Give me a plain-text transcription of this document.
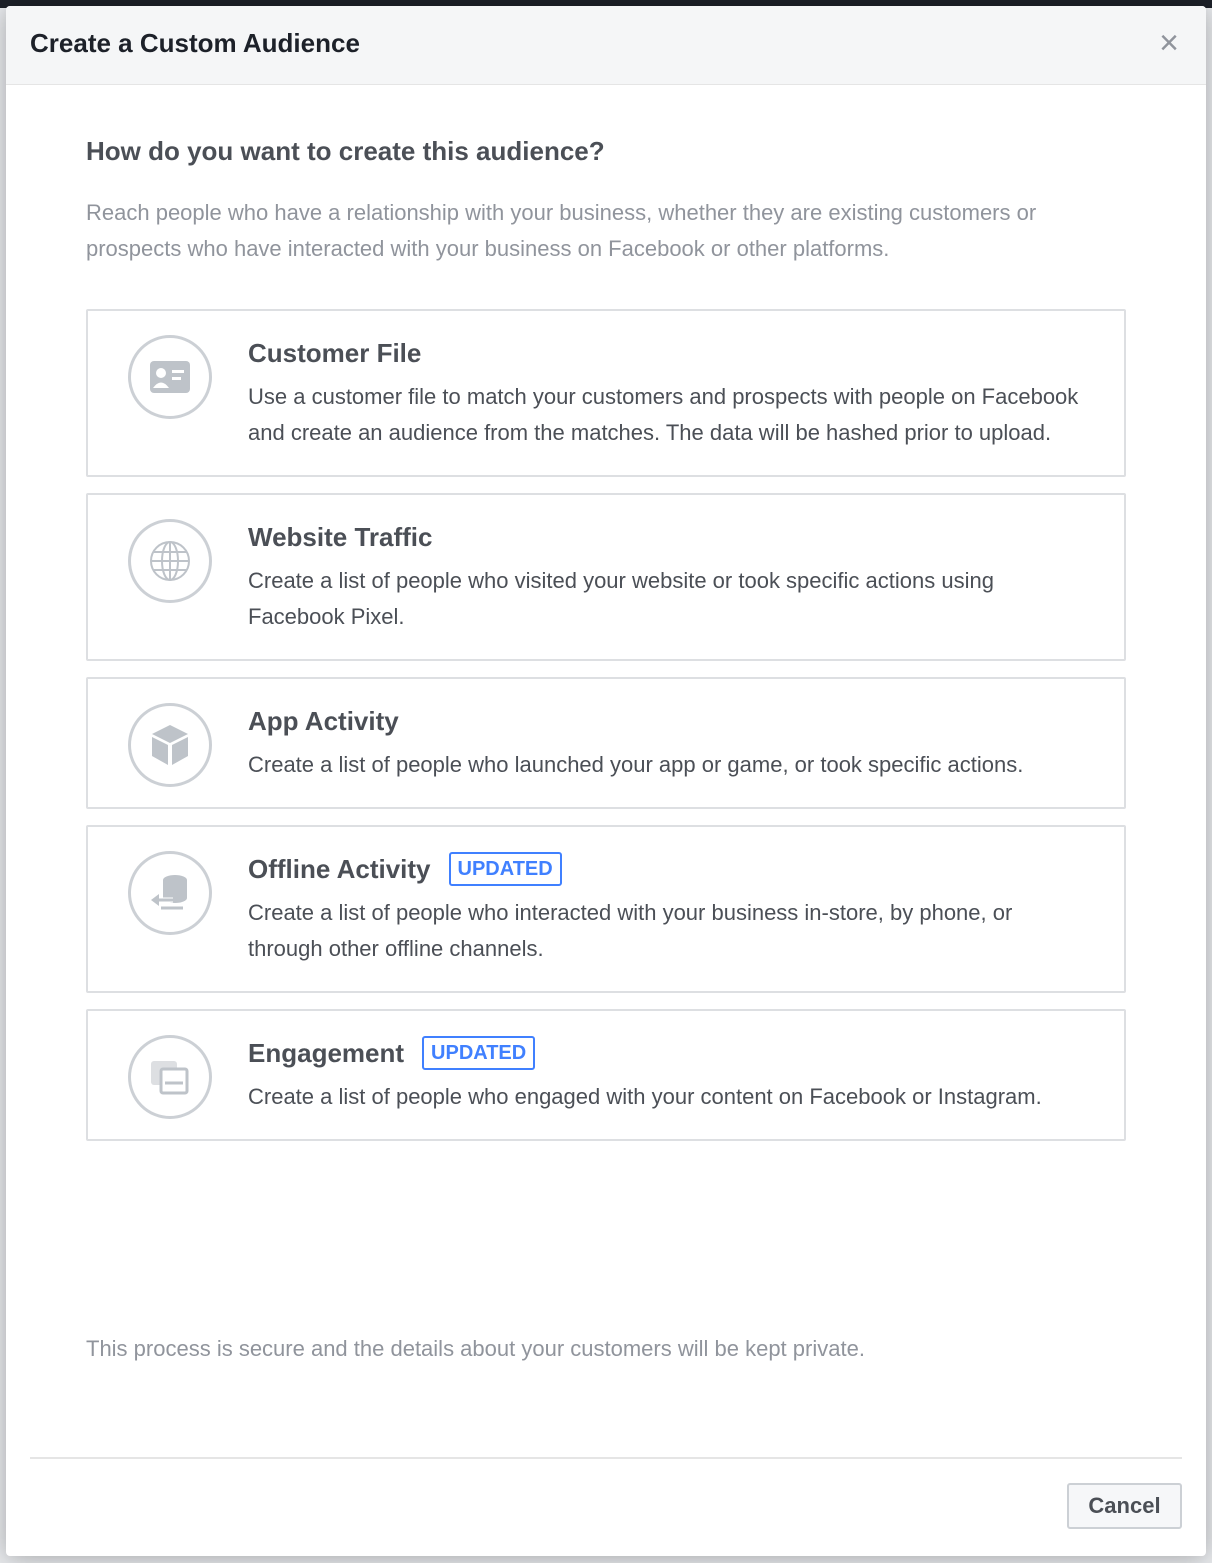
Create a Custom Audience	×
How do you want to create this audience?
Reach people who have a relationship with your business, whether they are existing customers or prospects who have interacted with your business on Facebook or other platforms.
Customer File
Use a customer file to match your customers and prospects with people on Facebook and create an audience from the matches. The data will be hashed prior to upload.
Website Traffic
Create a list of people who visited your website or took specific actions using Facebook Pixel.
App Activity
Create a list of people who launched your app or game, or took specific actions.
Offline Activity	UPDATED
Create a list of people who interacted with your business in-store, by phone, or through other offline channels.
Engagement	UPDATED
Create a list of people who engaged with your content on Facebook or Instagram.
This process is secure and the details about your customers will be kept private.
Cancel
